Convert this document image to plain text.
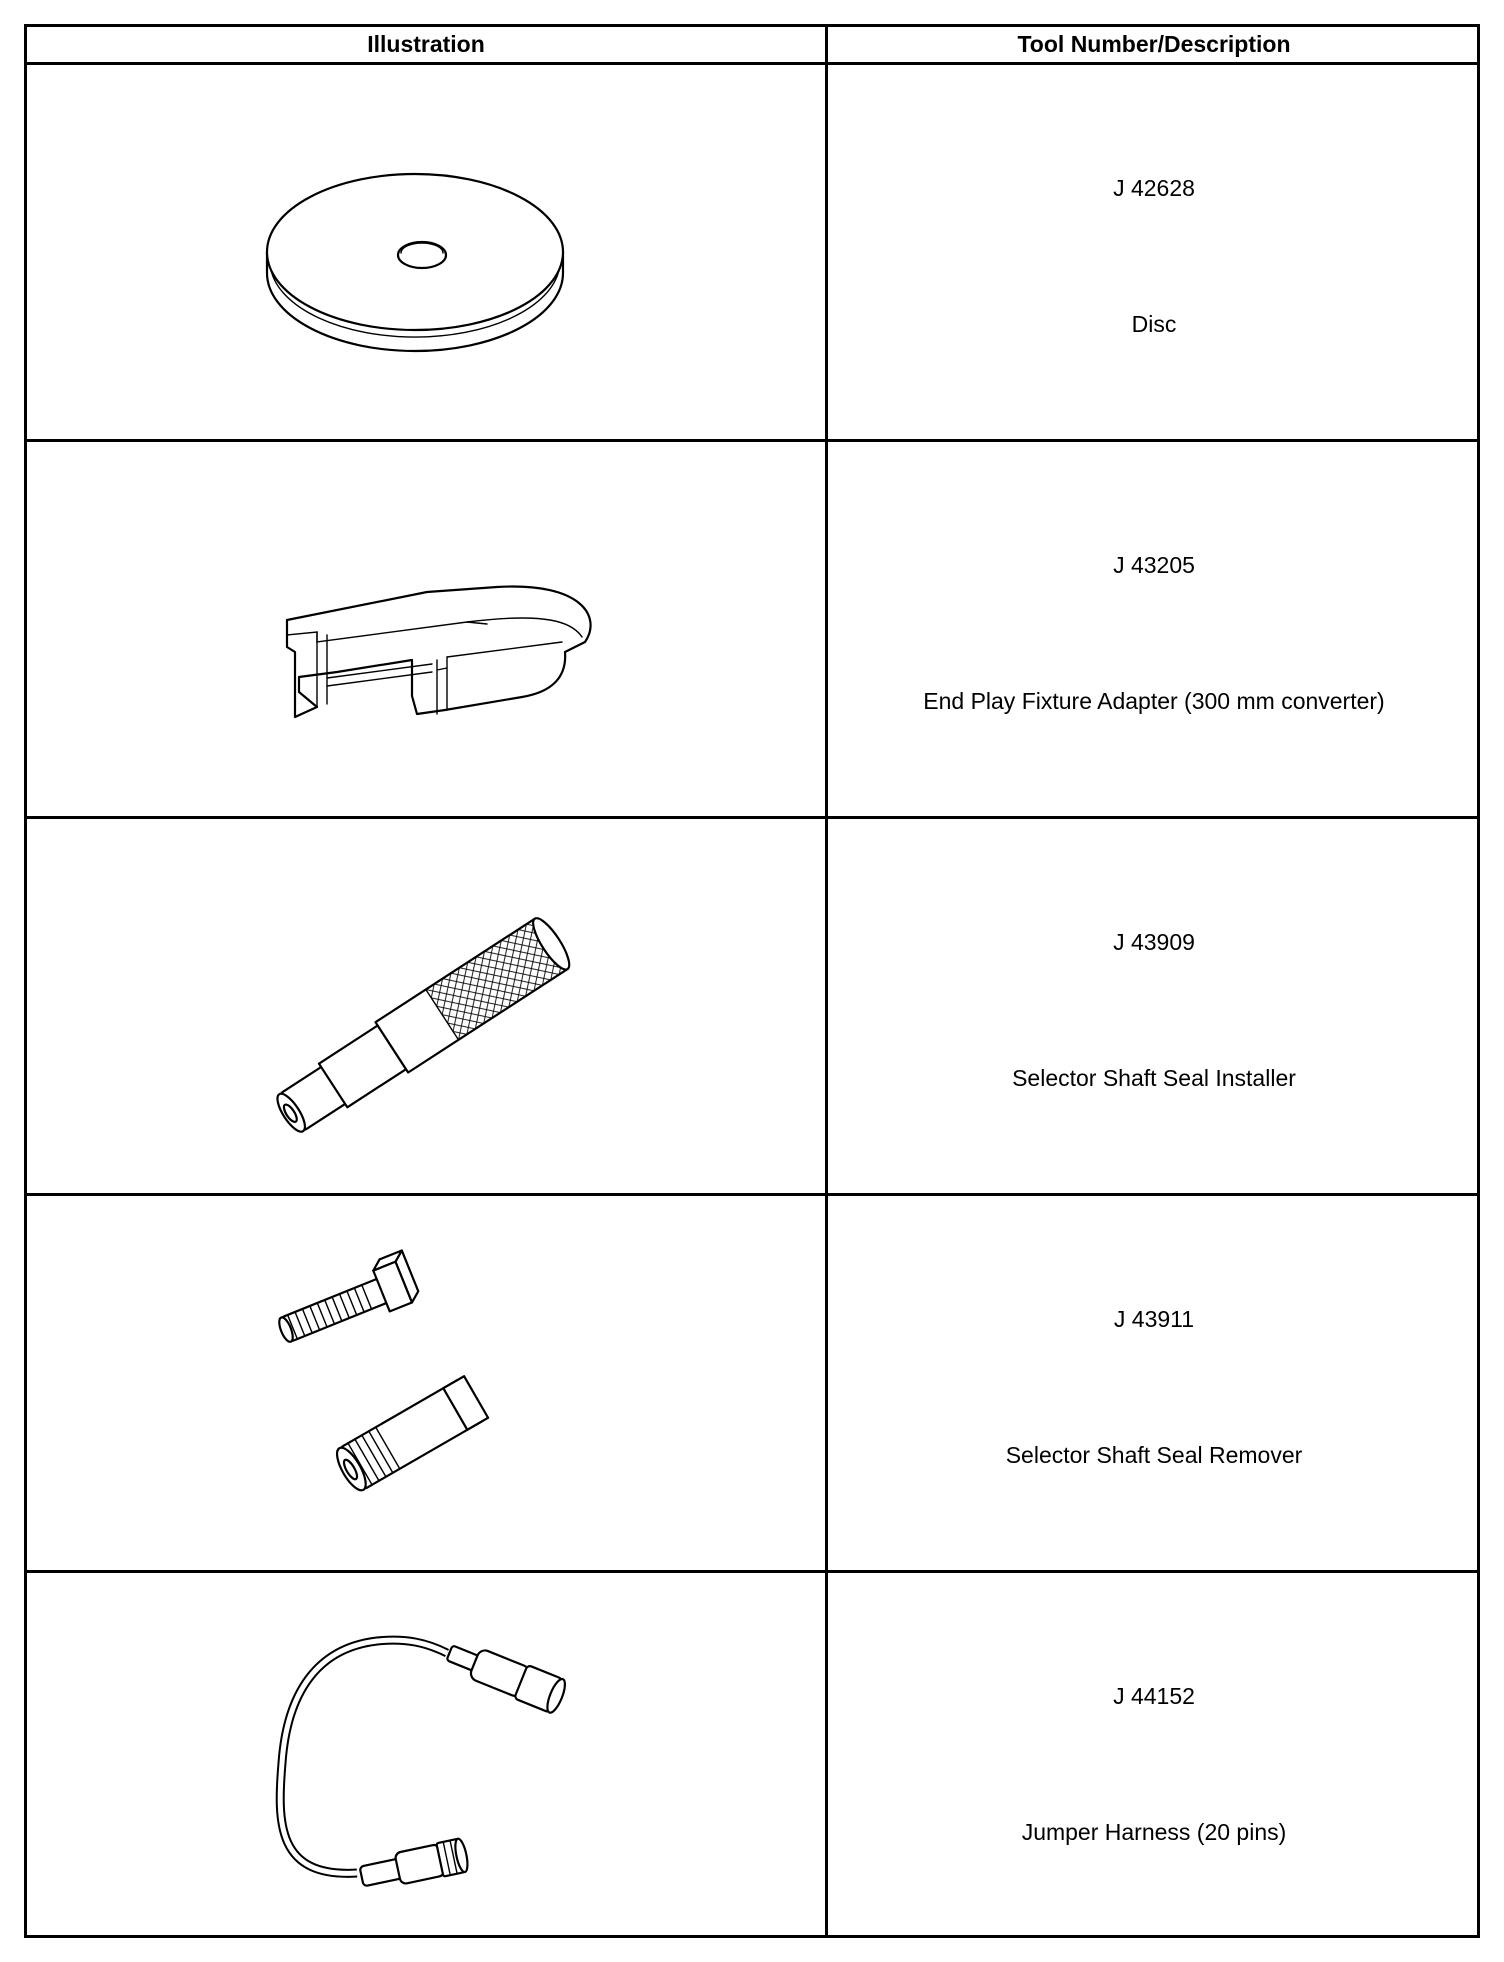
Illustration	Tool Number/Description
J 42628
Disc
J 43205
End Play Fixture Adapter (300 mm converter)
J 43909
Selector Shaft Seal Installer
J 43911
Selector Shaft Seal Remover
J 44152
Jumper Harness (20 pins)
